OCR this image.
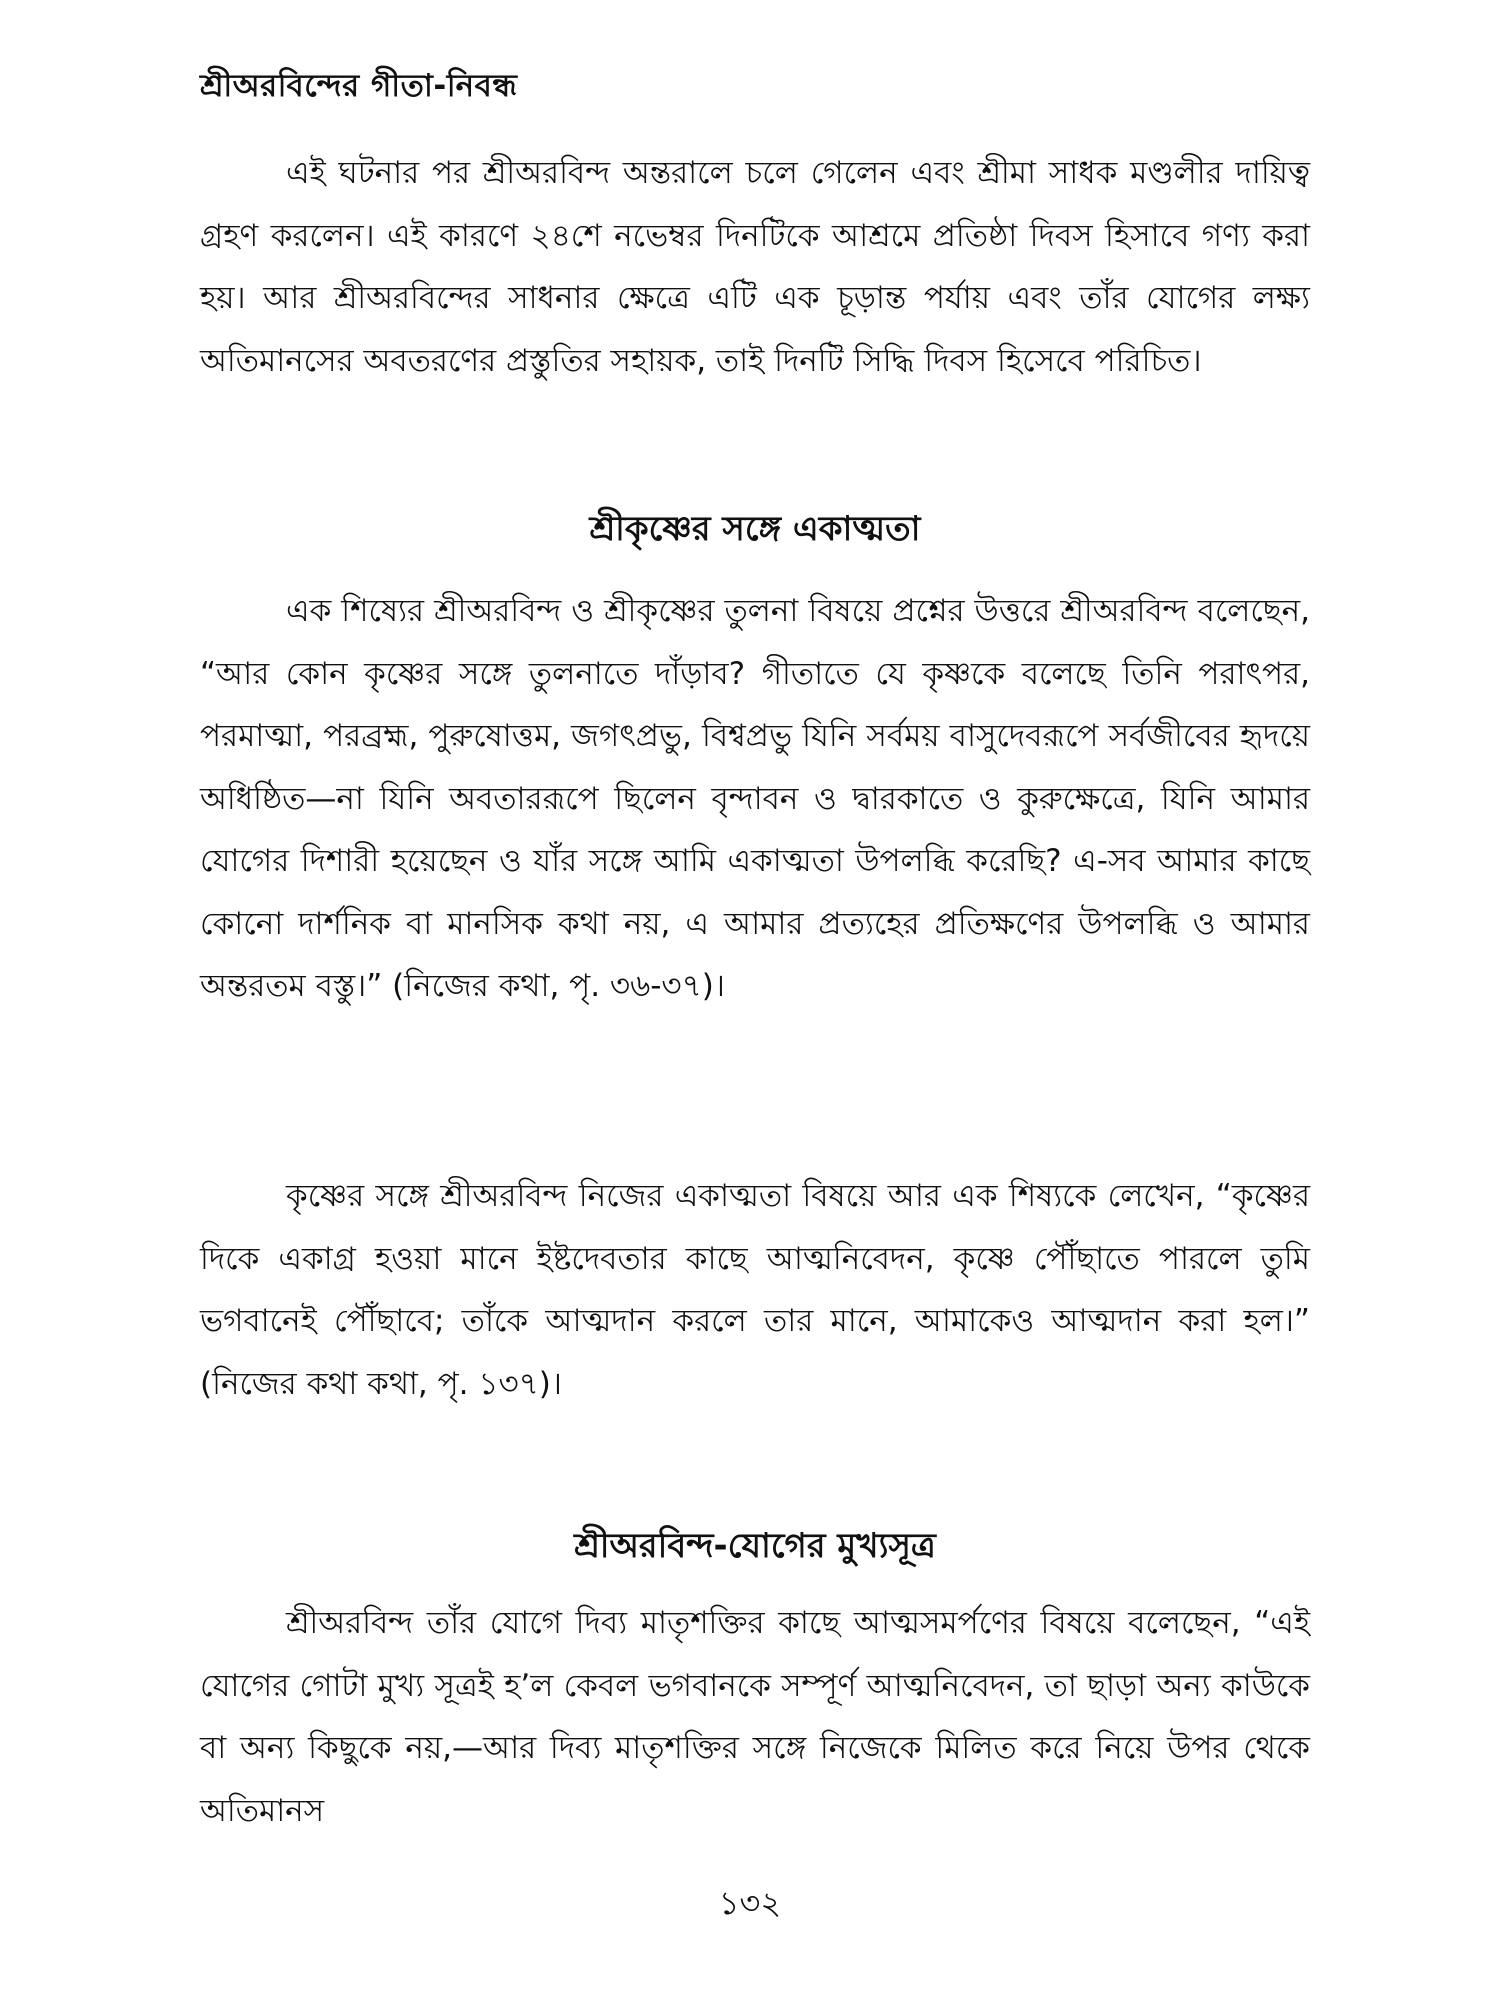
শ্রীঅরবিন্দের গীতা-নিবন্ধ
এই ঘটনার পর শ্রীঅরবিন্দ অন্তরালে চলে গেলেন এবং শ্রীমা সাধক মণ্ডলীর দায়িত্ব গ্রহণ করলেন। এই কারণে ২৪শে নভেম্বর দিনটিকে আশ্রমে প্রতিষ্ঠা দিবস হিসাবে গণ্য করা হয়। আর শ্রীঅরবিন্দের সাধনার ক্ষেত্রে এটি এক চূড়ান্ত পর্যায় এবং তাঁর যোগের লক্ষ্য অতিমানসের অবতরণের প্রস্তুতির সহায়ক, তাই দিনটি সিদ্ধি দিবস হিসেবে পরিচিত।
শ্রীকৃষ্ণের সঙ্গে একাত্মতা
এক শিষ্যের শ্রীঅরবিন্দ ও শ্রীকৃষ্ণের তুলনা বিষয়ে প্রশ্নের উত্তরে শ্রীঅরবিন্দ বলেছেন, “আর কোন কৃষ্ণের সঙ্গে তুলনাতে দাঁড়াব? গীতাতে যে কৃষ্ণকে বলেছে তিনি পরাৎপর, পরমাত্মা, পরব্রহ্ম, পুরুষোত্তম, জগৎপ্রভু, বিশ্বপ্রভু যিনি সর্বময় বাসুদেবরূপে সর্বজীবের হৃদয়ে অধিষ্ঠিত—না যিনি অবতাররূপে ছিলেন বৃন্দাবন ও দ্বারকাতে ও কুরুক্ষেত্রে, যিনি আমার যোগের দিশারী হয়েছেন ও যাঁর সঙ্গে আমি একাত্মতা উপলব্ধি করেছি? এ-সব আমার কাছে কোনো দার্শনিক বা মানসিক কথা নয়, এ আমার প্রত্যহের প্রতিক্ষণের উপলব্ধি ও আমার অন্তরতম বস্তু।” (নিজের কথা, পৃ. ৩৬-৩৭)।
কৃষ্ণের সঙ্গে শ্রীঅরবিন্দ নিজের একাত্মতা বিষয়ে আর এক শিষ্যকে লেখেন, “কৃষ্ণের দিকে একাগ্র হওয়া মানে ইষ্টদেবতার কাছে আত্মনিবেদন, কৃষ্ণে পৌঁছাতে পারলে তুমি ভগবানেই পৌঁছাবে; তাঁকে আত্মদান করলে তার মানে, আমাকেও আত্মদান করা হল।” (নিজের কথা কথা, পৃ. ১৩৭)।
শ্রীঅরবিন্দ-যোগের মুখ্যসূত্র
শ্রীঅরবিন্দ তাঁর যোগে দিব্য মাতৃশক্তির কাছে আত্মসমর্পণের বিষয়ে বলেছেন, “এই যোগের গোটা মুখ্য সূত্রই হ’ল কেবল ভগবানকে সম্পূর্ণ আত্মনিবেদন, তা ছাড়া অন্য কাউকে বা অন্য কিছুকে নয়,—আর দিব্য মাতৃশক্তির সঙ্গে নিজেকে মিলিত করে নিয়ে উপর থেকে অতিমানস
১৩২
